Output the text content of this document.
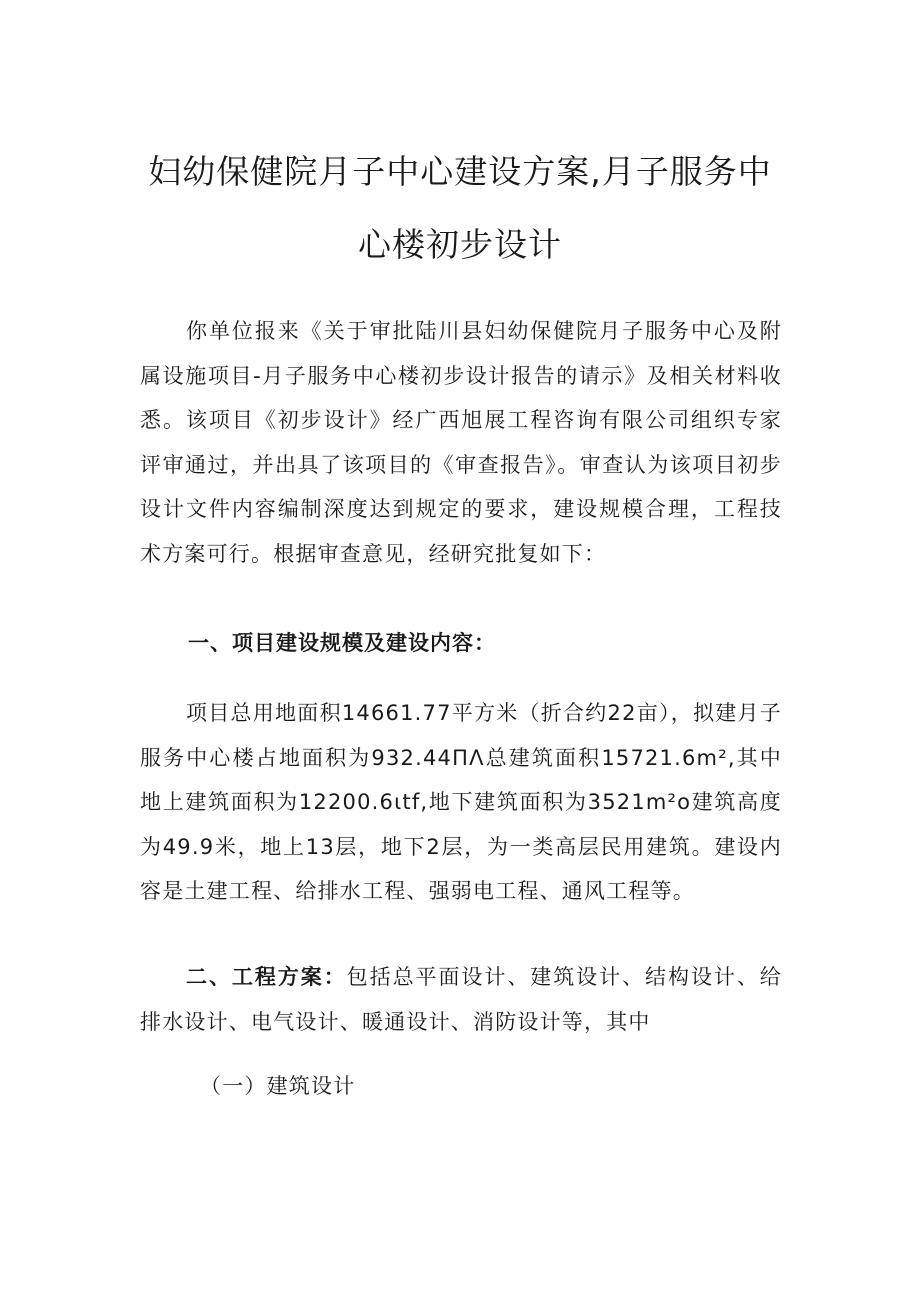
妇幼保健院月子中心建设方案,月子服务中
心楼初步设计

你单位报来《关于审批陆川县妇幼保健院月子服务中心及附属设施项目-月子服务中心楼初步设计报告的请示》及相关材料收悉。该项目《初步设计》经广西旭展工程咨询有限公司组织专家评审通过，并出具了该项目的《审查报告》。审查认为该项目初步设计文件内容编制深度达到规定的要求，建设规模合理，工程技术方案可行。根据审查意见，经研究批复如下：

一、项目建设规模及建设内容：

项目总用地面积14661.77平方米（折合约22亩），拟建月子服务中心楼占地面积为932.44ΠΛ总建筑面积15721.6m²,其中地上建筑面积为12200.6ιtf,地下建筑面积为3521m²o建筑高度为49.9米，地上13层，地下2层，为一类高层民用建筑。建设内容是土建工程、给排水工程、强弱电工程、通风工程等。

二、工程方案：包括总平面设计、建筑设计、结构设计、给排水设计、电气设计、暖通设计、消防设计等，其中

（一）建筑设计
